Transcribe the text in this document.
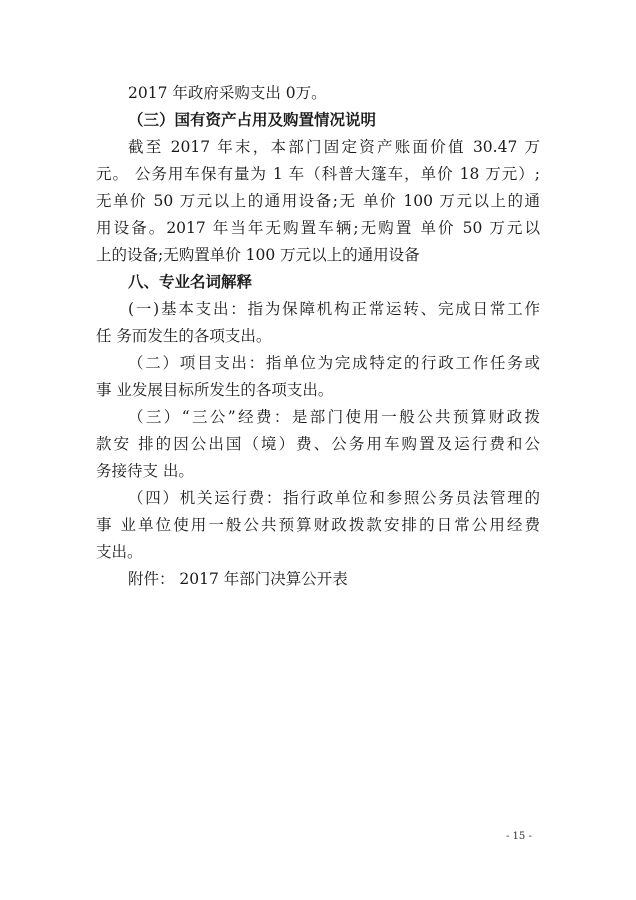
2017 年政府采购支出 0万。
（三）国有资产占用及购置情况说明
截至 2017 年末，本部门固定资产账面价值 30.47 万
元。 公务用车保有量为 1 车（科普大篷车，单价 18 万元）;
无单价 50 万元以上的通用设备;无 单价 100 万元以上的通
用设备。2017 年当年无购置车辆;无购置 单价 50 万元以
上的设备;无购置单价 100 万元以上的通用设备
八、专业名词解释
(一)基本支出：指为保障机构正常运转、完成日常工作
任 务而发生的各项支出。
（二）项目支出：指单位为完成特定的行政工作任务或
事 业发展目标所发生的各项支出。
（三）“三公”经费：是部门使用一般公共预算财政拨
款安 排的因公出国（境）费、公务用车购置及运行费和公
务接待支 出。
（四）机关运行费：指行政单位和参照公务员法管理的
事 业单位使用一般公共预算财政拨款安排的日常公用经费
支出。
附件： 2017 年部门决算公开表
- 15 -
